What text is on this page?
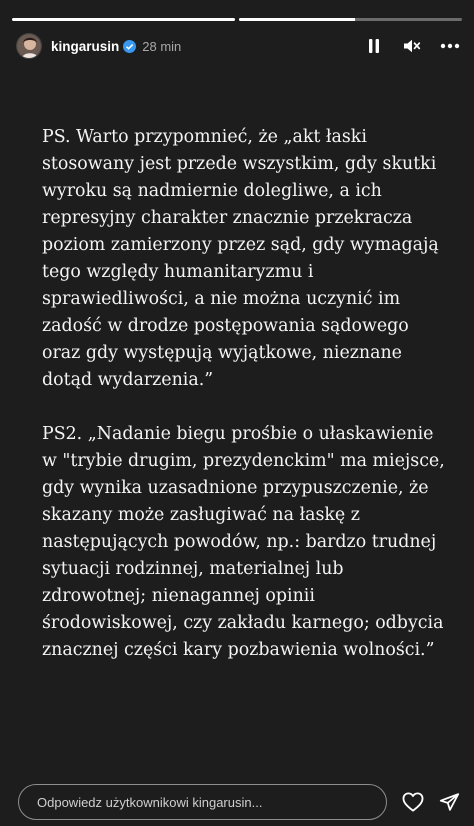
kingarusin 28 min

PS. Warto przypomnieć, że „akt łaski stosowany jest przede wszystkim, gdy skutki wyroku są nadmiernie dolegliwe, a ich represyjny charakter znacznie przekracza poziom zamierzony przez sąd, gdy wymagają tego względy humanitaryzmu i sprawiedliwości, a nie można uczynić im zadość w drodze postępowania sądowego oraz gdy występują wyjątkowe, nieznane dotąd wydarzenia.”

PS2. „Nadanie biegu prośbie o ułaskawienie w "trybie drugim, prezydenckim" ma miejsce, gdy wynika uzasadnione przypuszczenie, że skazany może zasługiwać na łaskę z następujących powodów, np.: bardzo trudnej sytuacji rodzinnej, materialnej lub zdrowotnej; nienagannej opinii środowiskowej, czy zakładu karnego; odbycia znacznej części kary pozbawienia wolności.”

Odpowiedz użytkownikowi kingarusin...
